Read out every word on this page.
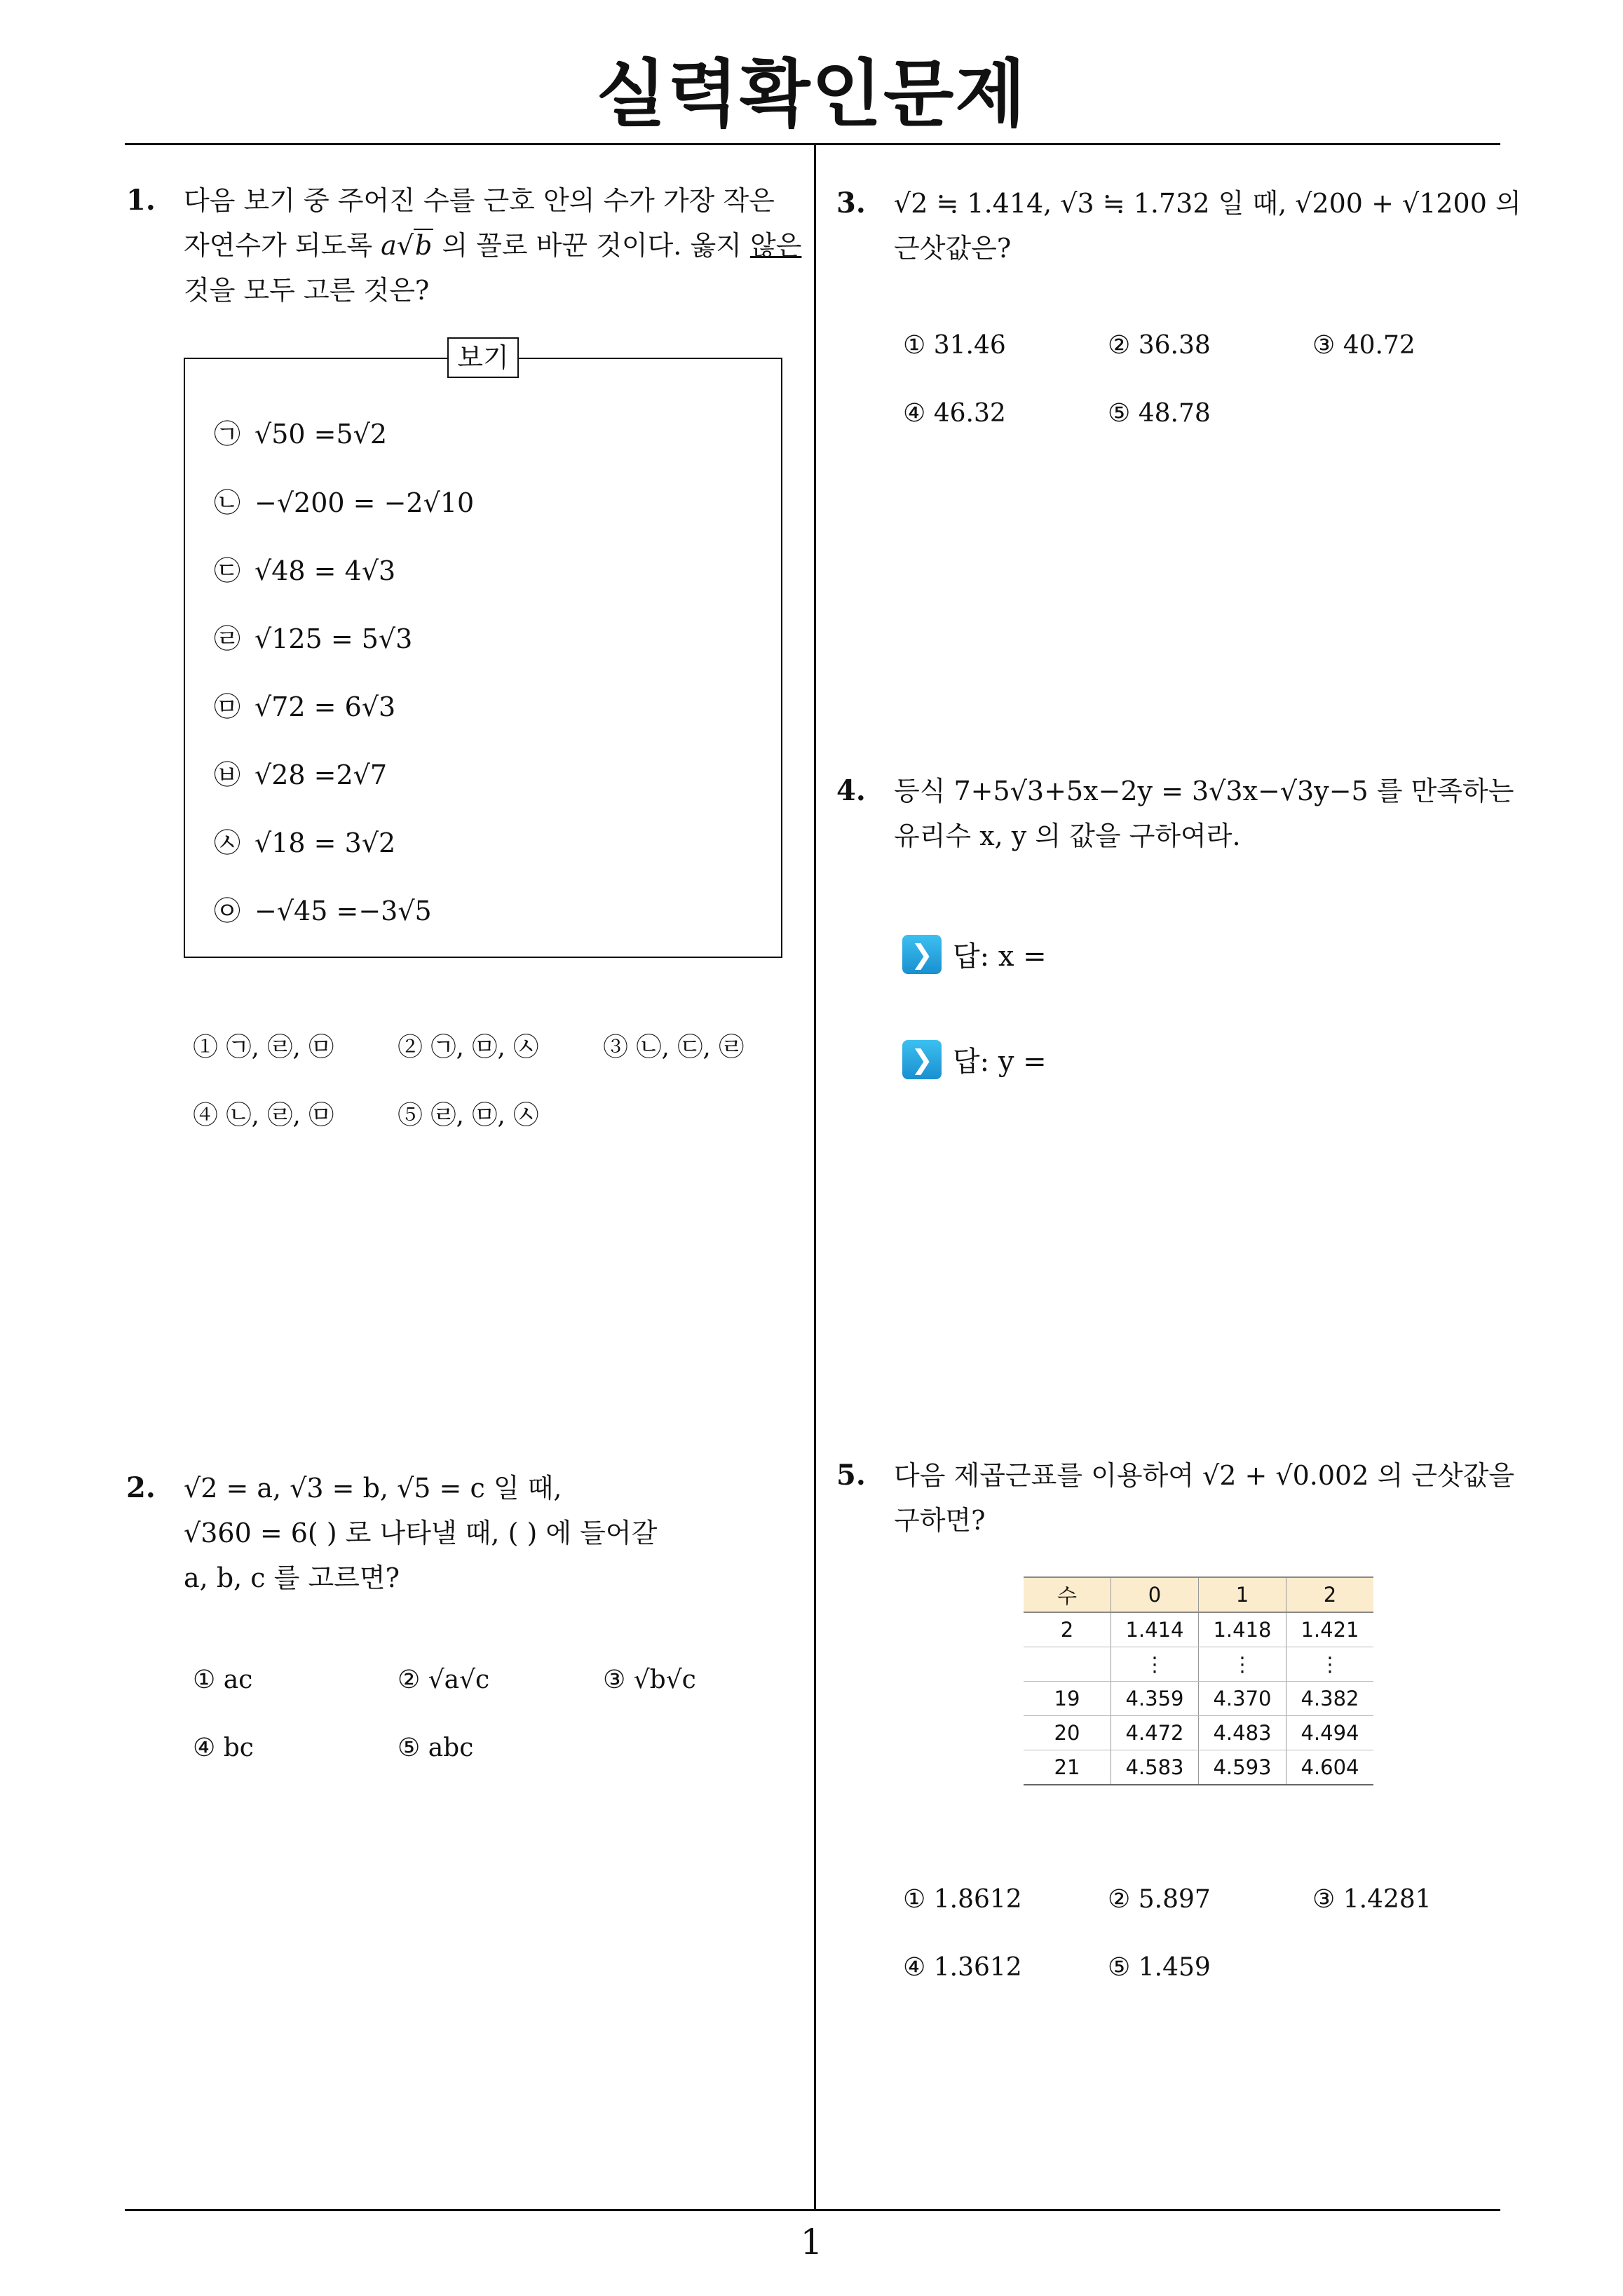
실력확인문제
1
1. 다음 보기 중 주어진 수를 근호 안의 수가 가장 작은

자연수가 되도록 a√b 의 꼴로 바꾼 것이다. 옳지 않은

것을 모두 고른 것은?

보기
㉠ √50 =5√2
㉡ −√200 = −2√10
㉢ √48 = 4√3
㉣ √125 = 5√3
㉤ √72 = 6√3
㉥ √28 =2√7
㉦ √18 = 3√2
㉧ −√45 =−3√5
① ㉠, ㉣, ㉤	② ㉠, ㉤, ㉦	③ ㉡, ㉢, ㉣
④ ㉡, ㉣, ㉤	⑤ ㉣, ㉤, ㉦
2. √2 = a, √3 = b, √5 = c 일 때,

√360 = 6( ) 로 나타낼 때, ( ) 에 들어갈

a, b, c 를 고르면?

① ac	② √a√c	③ √b√c
④ bc	⑤ abc
3. √2 ≒ 1.414, √3 ≒ 1.732 일 때, √200 + √1200 의

근삿값은?

① 31.46	② 36.38	③ 40.72
④ 46.32	⑤ 48.78
4. 등식 7+5√3+5x−2y = 3√3x−√3y−5 를 만족하는

유리수 x, y 의 값을 구하여라.

❯ 답: x =
❯ 답: y =
5. 다음 제곱근표를 이용하여 √2 + √0.002 의 근삿값을

구하면?

수	0	1	2
2	1.414	1.418	1.421
	⋮	⋮	⋮
19	4.359	4.370	4.382
20	4.472	4.483	4.494
21	4.583	4.593	4.604
① 1.8612	② 5.897	③ 1.4281
④ 1.3612	⑤ 1.459
